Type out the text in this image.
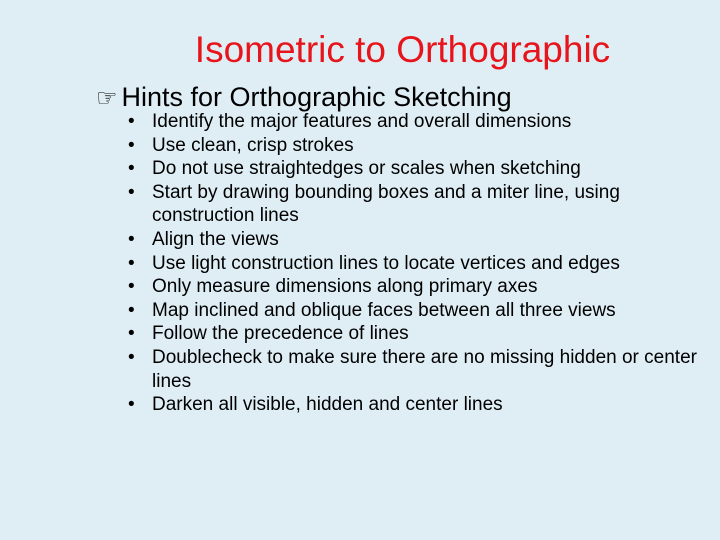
Isometric to Orthographic
☞ Hints for Orthographic Sketching
• Identify the major features and overall dimensions
• Use clean, crisp strokes
• Do not use straightedges or scales when sketching
• Start by drawing bounding boxes and a miter line, using construction lines
• Align the views
• Use light construction lines to locate vertices and edges
• Only measure dimensions along primary axes
• Map inclined and oblique faces between all three views
• Follow the precedence of lines
• Doublecheck to make sure there are no missing hidden or center lines
• Darken all visible, hidden and center lines
